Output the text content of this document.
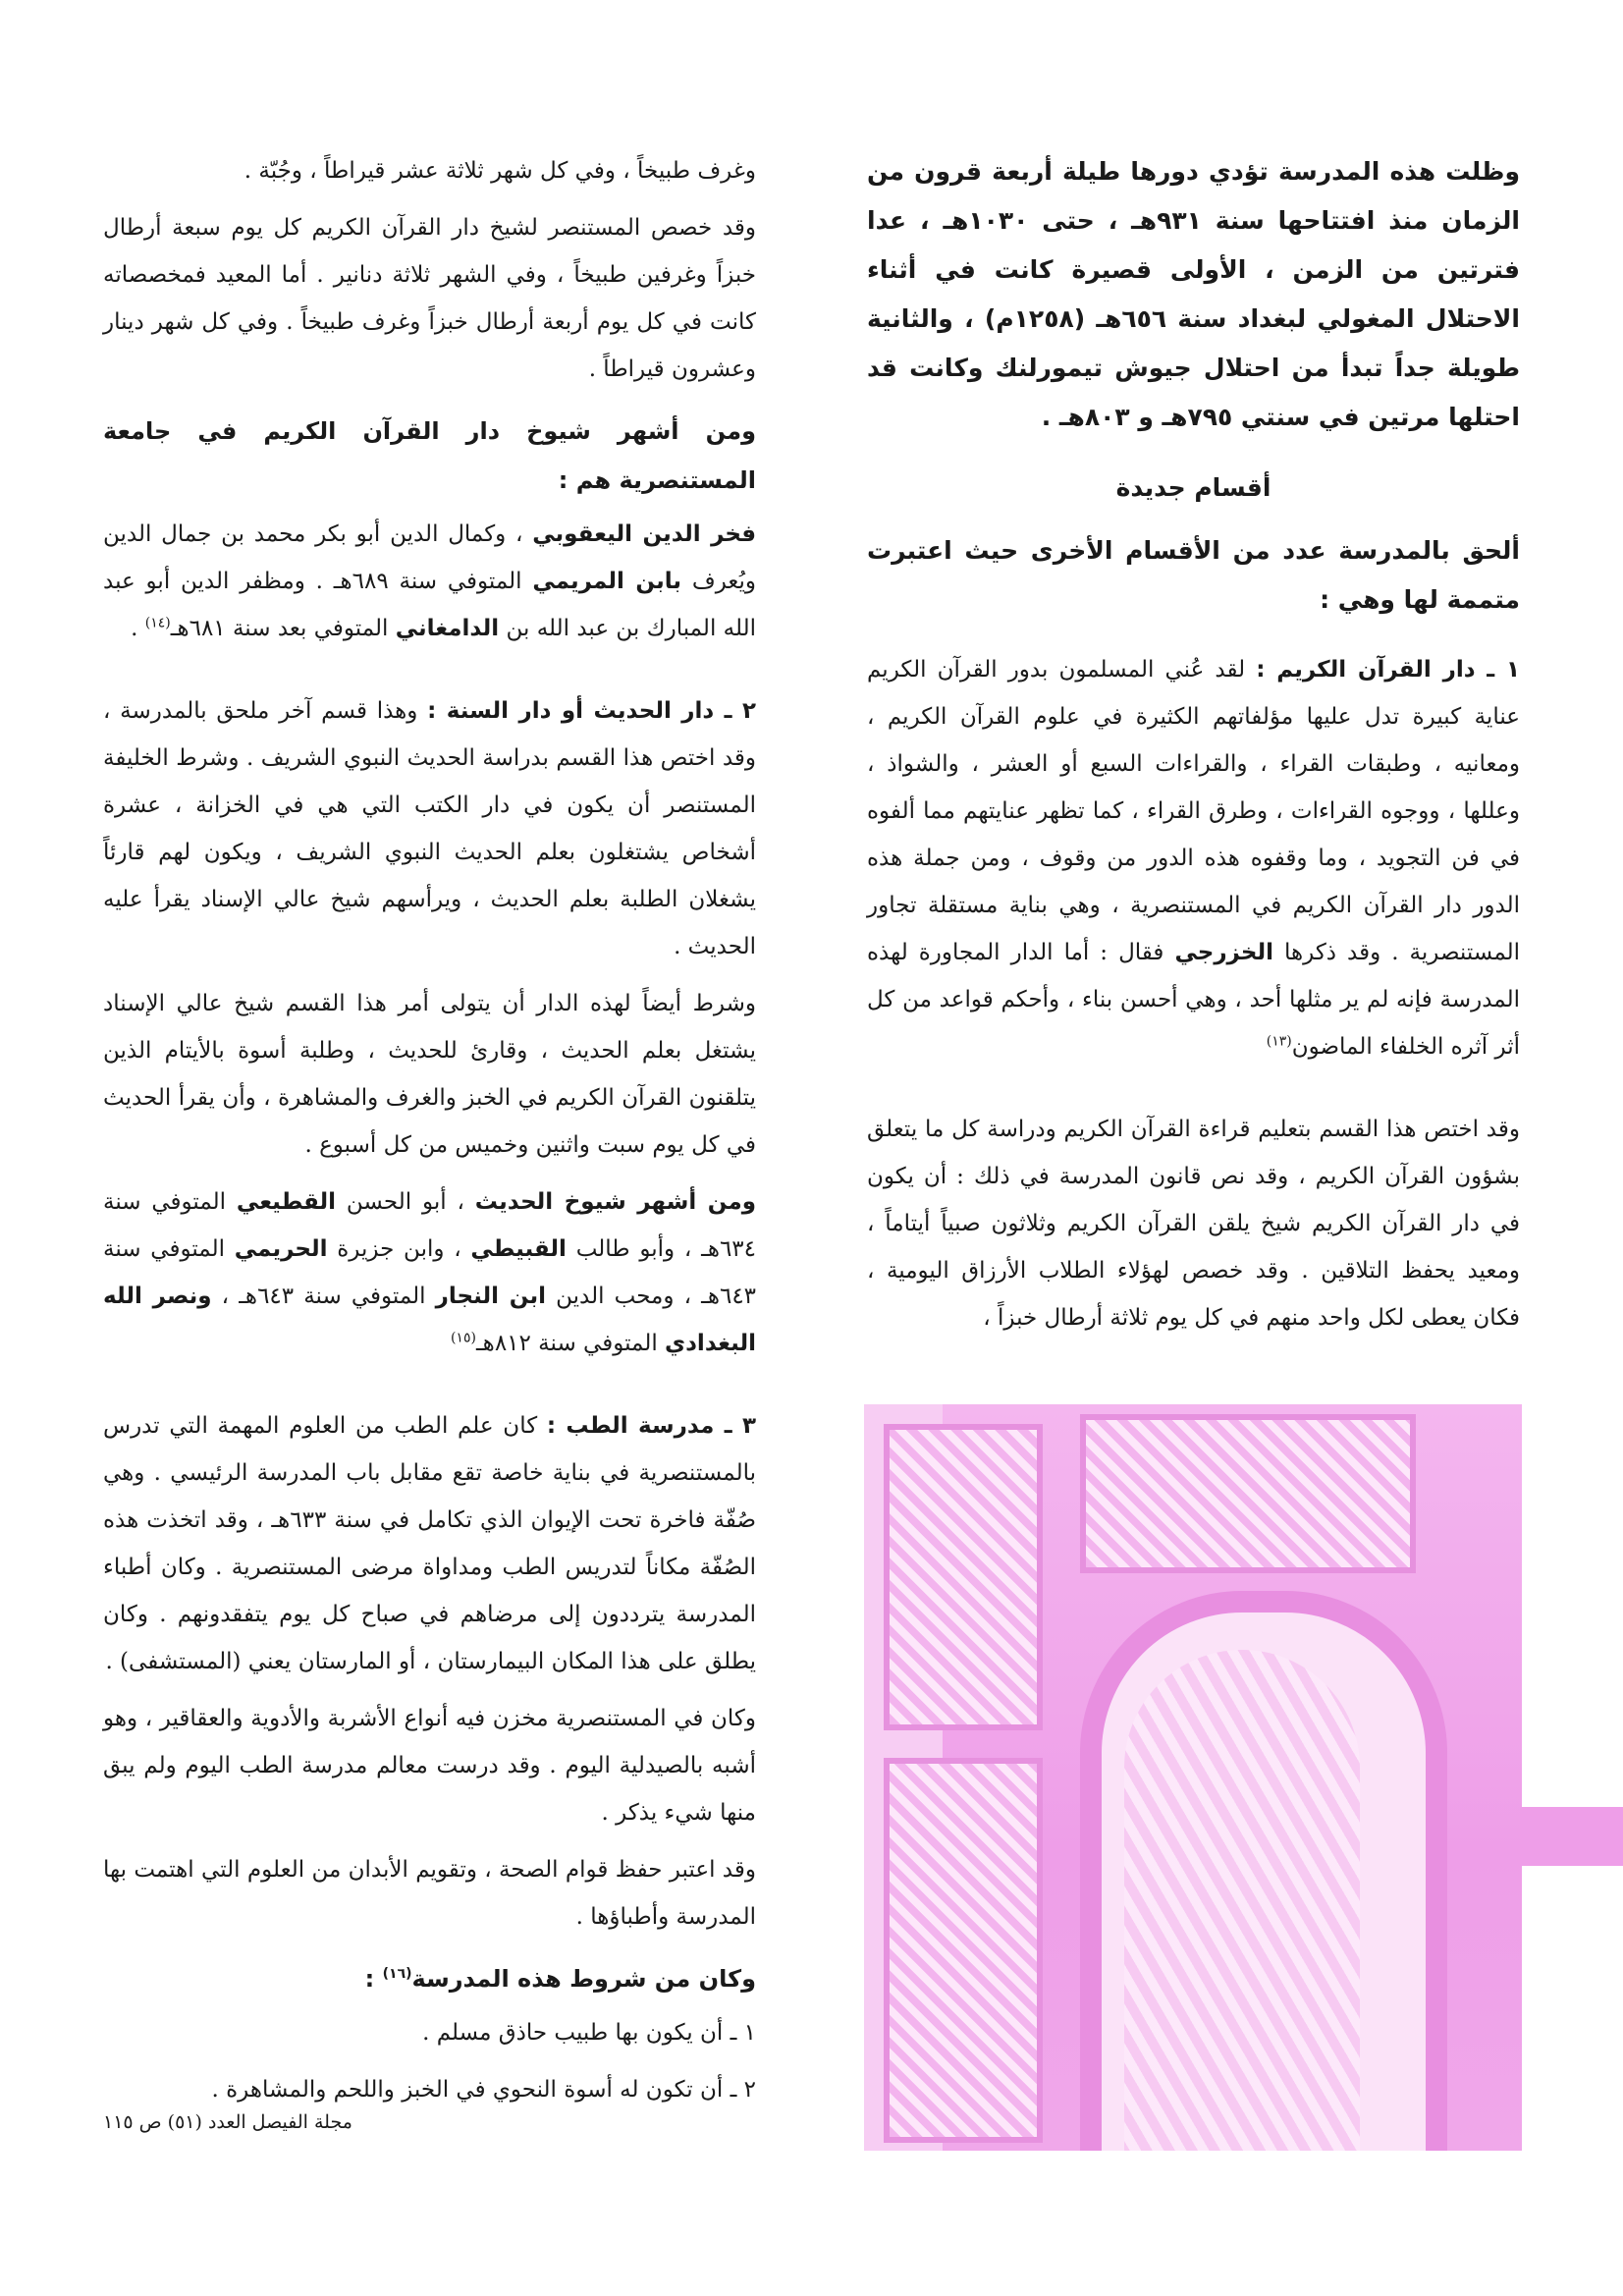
وظلت هذه المدرسة تؤدي دورها طيلة أربعة قرون من الزمان منذ افتتاحها سنة ٩٣١هـ ، حتى ١٠٣٠هـ ، عدا فترتين من الزمن ، الأولى قصيرة كانت في أثناء الاحتلال المغولي لبغداد سنة ٦٥٦هـ (١٢٥٨م) ، والثانية طويلة جداً تبدأ من احتلال جيوش تيمورلنك وكانت قد احتلها مرتين في سنتي ٧٩٥هـ و ٨٠٣هـ .

أقسام جديدة

ألحق بالمدرسة عدد من الأقسام الأخرى حيث اعتبرت متممة لها وهي :

١ ـ دار القرآن الكريم : لقد عُني المسلمون بدور القرآن الكريم عناية كبيرة تدل عليها مؤلفاتهم الكثيرة في علوم القرآن الكريم ، ومعانيه ، وطبقات القراء ، والقراءات السبع أو العشر ، والشواذ ، وعللها ، ووجوه القراءات ، وطرق القراء ، كما تظهر عنايتهم مما ألفوه في فن التجويد ، وما وقفوه هذه الدور من وقوف ، ومن جملة هذه الدور دار القرآن الكريم في المستنصرية ، وهي بناية مستقلة تجاور المستنصرية . وقد ذكرها الخزرجي فقال : أما الدار المجاورة لهذه المدرسة فإنه لم ير مثلها أحد ، وهي أحسن بناء ، وأحكم قواعد من كل أثر آثره الخلفاء الماضون$^{(١٣)}$

وقد اختص هذا القسم بتعليم قراءة القرآن الكريم ودراسة كل ما يتعلق بشؤون القرآن الكريم ، وقد نص قانون المدرسة في ذلك : أن يكون في دار القرآن الكريم شيخ يلقن القرآن الكريم وثلاثون صبياً أيتاماً ، ومعيد يحفظ التلاقين . وقد خصص لهؤلاء الطلاب الأرزاق اليومية ، فكان يعطى لكل واحد منهم في كل يوم ثلاثة أرطال خبزاً ،

وغرف طبيخاً ، وفي كل شهر ثلاثة عشر قيراطاً ، وجُبّة .

وقد خصص المستنصر لشيخ دار القرآن الكريم كل يوم سبعة أرطال خبزاً وغرفين طبيخاً ، وفي الشهر ثلاثة دنانير . أما المعيد فمخصصاته كانت في كل يوم أربعة أرطال خبزاً وغرف طبيخاً . وفي كل شهر دينار وعشرون قيراطاً .

ومن أشهر شيوخ دار القرآن الكريم في جامعة المستنصرية هم :

فخر الدين اليعقوبي ، وكمال الدين أبو بكر محمد بن جمال الدين ويُعرف بابن المريمي المتوفي سنة ٦٨٩هـ . ومظفر الدين أبو عبد الله المبارك بن عبد الله بن الدامغاني المتوفي بعد سنة ٦٨١هـ$^{(١٤)}$ .

٢ ـ دار الحديث أو دار السنة : وهذا قسم آخر ملحق بالمدرسة ، وقد اختص هذا القسم بدراسة الحديث النبوي الشريف . وشرط الخليفة المستنصر أن يكون في دار الكتب التي هي في الخزانة ، عشرة أشخاص يشتغلون بعلم الحديث النبوي الشريف ، ويكون لهم قارئاً يشغلان الطلبة بعلم الحديث ، ويرأسهم شيخ عالي الإسناد يقرأ عليه الحديث .

وشرط أيضاً لهذه الدار أن يتولى أمر هذا القسم شيخ عالي الإسناد يشتغل بعلم الحديث ، وقارئ للحديث ، وطلبة أسوة بالأيتام الذين يتلقنون القرآن الكريم في الخبز والغرف والمشاهرة ، وأن يقرأ الحديث في كل يوم سبت واثنين وخميس من كل أسبوع .

ومن أشهر شيوخ الحديث ، أبو الحسن القطيعي المتوفي سنة ٦٣٤هـ ، وأبو طالب القبيطي ، وابن جزيرة الحريمي المتوفي سنة ٦٤٣هـ ، ومحب الدين ابن النجار المتوفي سنة ٦٤٣هـ ، ونصر الله البغدادي المتوفي سنة ٨١٢هـ$^{(١٥)}$

٣ ـ مدرسة الطب : كان علم الطب من العلوم المهمة التي تدرس بالمستنصرية في بناية خاصة تقع مقابل باب المدرسة الرئيسي . وهي صُفّة فاخرة تحت الإيوان الذي تكامل في سنة ٦٣٣هـ ، وقد اتخذت هذه الصُفّة مكاناً لتدريس الطب ومداواة مرضى المستنصرية . وكان أطباء المدرسة يترددون إلى مرضاهم في صباح كل يوم يتفقدونهم . وكان يطلق على هذا المكان البيمارستان ، أو المارستان يعني (المستشفى) .

وكان في المستنصرية مخزن فيه أنواع الأشربة والأدوية والعقاقير ، وهو أشبه بالصيدلية اليوم . وقد درست معالم مدرسة الطب اليوم ولم يبق منها شيء يذكر .

وقد اعتبر حفظ قوام الصحة ، وتقويم الأبدان من العلوم التي اهتمت بها المدرسة وأطباؤها .

وكان من شروط هذه المدرسة$^{(١٦)}$ :

١ ـ أن يكون بها طبيب حاذق مسلم .

٢ ـ أن تكون له أسوة النحوي في الخبز واللحم والمشاهرة .

مجلة الفيصل العدد (٥١) ص ١١٥
